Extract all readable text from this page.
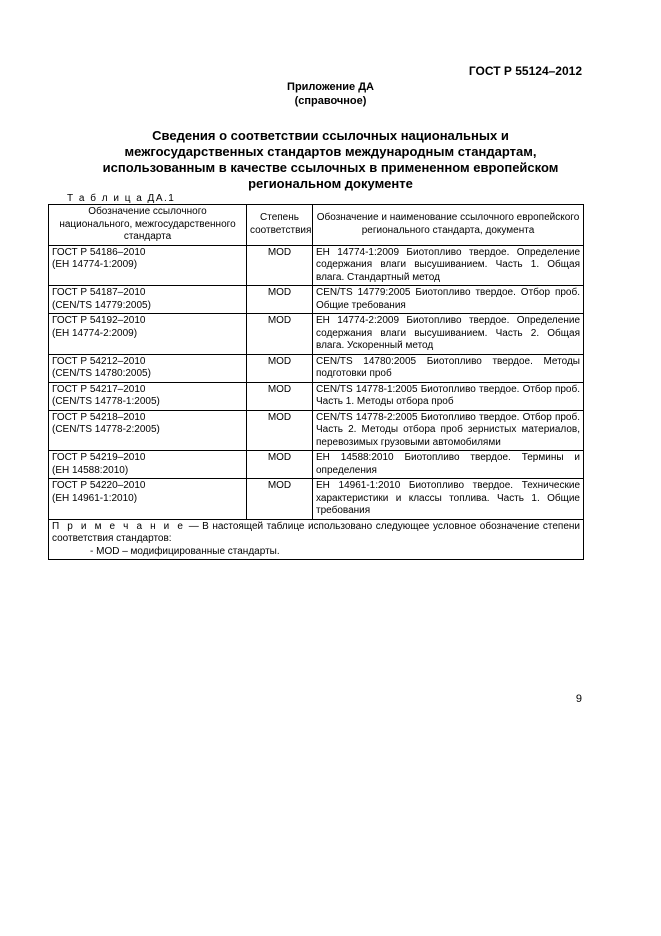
ГОСТ Р 55124–2012
Приложение ДА
(справочное)
Сведения о соответствии ссылочных национальных и
межгосударственных стандартов международным стандартам,
использованным в качестве ссылочных в примененном европейском
региональном документе
Т а б л и ц а ДА.1
Обозначение ссылочного национального, межгосударственного стандарта	Степень соответствия	Обозначение и наименование ссылочного европейского регионального стандарта, документа

ГОСТ Р 54186–2010
(ЕН 14774-1:2009)	MOD	ЕН 14774-1:2009 Биотопливо твердое. Определение содержания влаги высушиванием. Часть 1. Общая влага. Стандартный метод

ГОСТ Р 54187–2010
(CEN/TS 14779:2005)	MOD	CEN/TS 14779:2005 Биотопливо твердое. Отбор проб. Общие требования

ГОСТ Р 54192–2010
(ЕН 14774-2:2009)	MOD	ЕН 14774-2:2009 Биотопливо твердое. Определение содержания влаги высушиванием. Часть 2. Общая влага. Ускоренный метод

ГОСТ Р 54212–2010
(CEN/TS 14780:2005)	MOD	CEN/TS 14780:2005 Биотопливо твердое. Методы подготовки проб

ГОСТ Р 54217–2010
(CEN/TS 14778-1:2005)	MOD	CEN/TS 14778-1:2005 Биотопливо твердое. Отбор проб. Часть 1. Методы отбора проб

ГОСТ Р 54218–2010
(CEN/TS 14778-2:2005)	MOD	CEN/TS 14778-2:2005 Биотопливо твердое. Отбор проб. Часть 2. Методы отбора проб зернистых материалов, перевозимых грузовыми автомобилями

ГОСТ Р 54219–2010
(ЕН 14588:2010)	MOD	ЕН 14588:2010 Биотопливо твердое. Термины и определения

ГОСТ Р 54220–2010
(ЕН 14961-1:2010)	MOD	ЕН 14961-1:2010 Биотопливо твердое. Технические характеристики и классы топлива. Часть 1. Общие требования

П р и м е ч а н и е — В настоящей таблице использовано следующее условное обозначение степени соответствия стандартов:
- MOD – модифицированные стандарты.		
9
